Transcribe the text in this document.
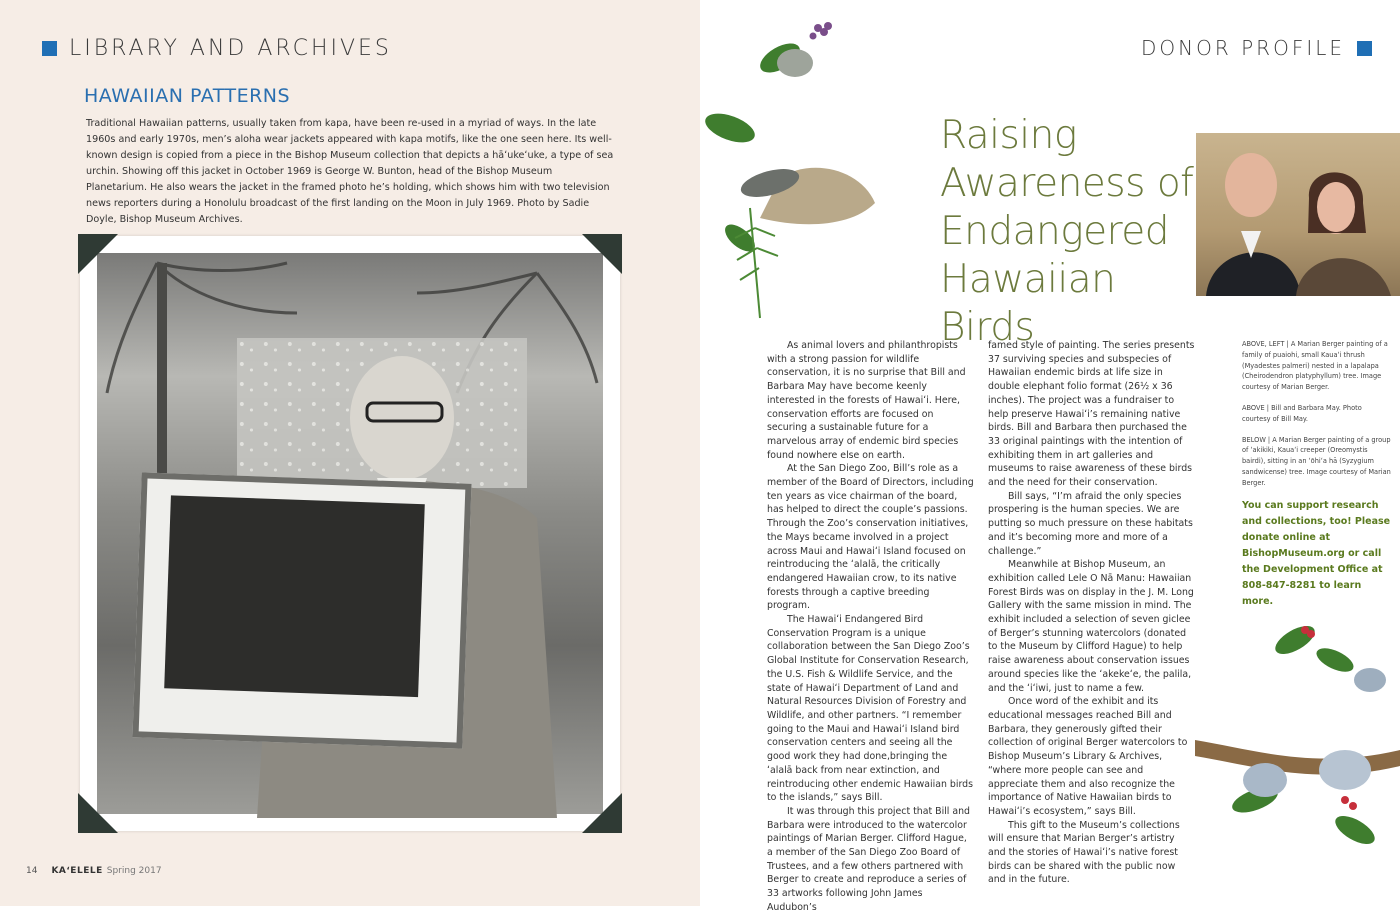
LIBRARY AND ARCHIVES
HAWAIIAN PATTERNS
Traditional Hawaiian patterns, usually taken from kapa, have been re-used in a myriad of ways. In the late 1960s and early 1970s, men’s aloha wear jackets appeared with kapa motifs, like the one seen here. Its well-known design is copied from a piece in the Bishop Museum collection that depicts a hāʻukeʻuke, a type of sea urchin. Showing off this jacket in October 1969 is George W. Bunton, head of the Bishop Museum Planetarium. He also wears the jacket in the framed photo he’s holding, which shows him with two television news reporters during a Honolulu broadcast of the first landing on the Moon in July 1969. Photo by Sadie Doyle, Bishop Museum Archives.
14 KAʻELELE Spring 2017
DONOR PROFILE
Raising
Awareness of
Endangered
Hawaiian Birds

As animal lovers and philanthropists with a strong passion for wildlife conservation, it is no surprise that Bill and Barbara May have become keenly interested in the forests of Hawaiʻi. Here, conservation efforts are focused on securing a sustainable future for a marvelous array of endemic bird species found nowhere else on earth.

At the San Diego Zoo, Bill’s role as a member of the Board of Directors, including ten years as vice chairman of the board, has helped to direct the couple’s passions. Through the Zoo’s conservation initiatives, the Mays became involved in a project across Maui and Hawaiʻi Island focused on reintroducing the ʻalalā, the critically endangered Hawaiian crow, to its native forests through a captive breeding program.

The Hawaiʻi Endangered Bird Conservation Program is a unique collaboration between the San Diego Zoo’s Global Institute for Conservation Research, the U.S. Fish & Wildlife Service, and the state of Hawaiʻi Department of Land and Natural Resources Division of Forestry and Wildlife, and other partners. “I remember going to the Maui and Hawaiʻi Island bird conservation centers and seeing all the good work they had done,bringing the ʻalalā back from near extinction, and reintroducing other endemic Hawaiian birds to the islands,” says Bill.

It was through this project that Bill and Barbara were introduced to the watercolor paintings of Marian Berger. Clifford Hague, a member of the San Diego Zoo Board of Trustees, and a few others partnered with Berger to create and reproduce a series of 33 artworks following John James Audubon’s

famed style of painting. The series presents 37 surviving species and subspecies of Hawaiian endemic birds at life size in double elephant folio format (26½ x 36 inches). The project was a fundraiser to help preserve Hawaiʻi’s remaining native birds. Bill and Barbara then purchased the 33 original paintings with the intention of exhibiting them in art galleries and museums to raise awareness of these birds and the need for their conservation.

Bill says, “I’m afraid the only species prospering is the human species. We are putting so much pressure on these habitats and it’s becoming more and more of a challenge.”

Meanwhile at Bishop Museum, an exhibition called Lele O Nā Manu: Hawaiian Forest Birds was on display in the J. M. Long Gallery with the same mission in mind. The exhibit included a selection of seven giclee of Berger’s stunning watercolors (donated to the Museum by Clifford Hague) to help raise awareness about conservation issues around species like the ʻakekeʻe, the palila, and the ʻiʻiwi, just to name a few.

Once word of the exhibit and its educational messages reached Bill and Barbara, they generously gifted their collection of original Berger watercolors to Bishop Museum’s Library & Archives, “where more people can see and appreciate them and also recognize the importance of Native Hawaiian birds to Hawaiʻi’s ecosystem,” says Bill.

This gift to the Museum’s collections will ensure that Marian Berger’s artistry and the stories of Hawaiʻi’s native forest birds can be shared with the public now and in the future.

ABOVE, LEFT | A Marian Berger painting of a family of puaiohi, small Kauaʻi thrush (Myadestes palmeri) nested in a lapalapa (Cheirodendron platyphyllum) tree. Image courtesy of Marian Berger.

ABOVE | Bill and Barbara May. Photo courtesy of Bill May.

BELOW | A Marian Berger painting of a group of ʻakikiki, Kauaʻi creeper (Oreomystis bairdi), sitting in an ʻōhiʻa hā (Syzygium sandwicense) tree. Image courtesy of Marian Berger.

You can support research and collections, too! Please donate online at BishopMuseum.org or call the Development Office at 808-847-8281 to learn more.
